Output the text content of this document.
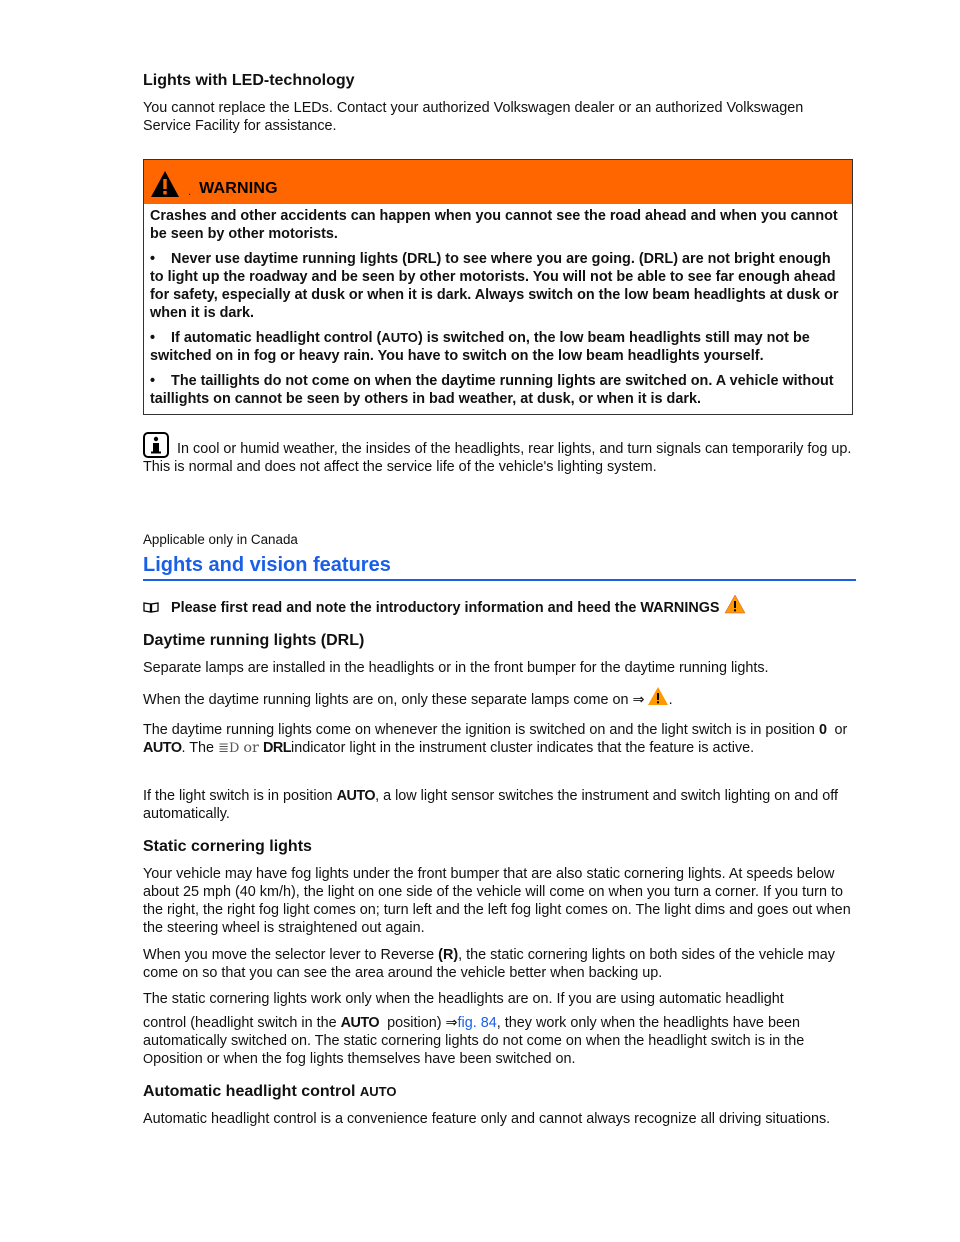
Lights with LED-technology

You cannot replace the LEDs. Contact your authorized Volkswagen dealer or an authorized Volkswagen Service Facility for assistance.

. WARNING

Crashes and other accidents can happen when you cannot see the road ahead and when you cannot be seen by other motorists.

• Never use daytime running lights (DRL) to see where you are going. (DRL) are not bright enough to light up the roadway and be seen by other motorists. You will not be able to see far enough ahead for safety, especially at dusk or when it is dark. Always switch on the low beam headlights at dusk or when it is dark.

• If automatic headlight control (AUTO) is switched on, the low beam headlights still may not be switched on in fog or heavy rain. You have to switch on the low beam headlights yourself.

• The taillights do not come on when the daytime running lights are switched on. A vehicle without taillights on cannot be seen by others in bad weather, at dusk, or when it is dark.

In cool or humid weather, the insides of the headlights, rear lights, and turn signals can temporarily fog up. This is normal and does not affect the service life of the vehicle's lighting system.

Applicable only in Canada

Lights and vision features

Please first read and note the introductory information and heed the WARNINGS

Daytime running lights (DRL)

Separate lamps are installed in the headlights or in the front bumper for the daytime running lights.

When the daytime running lights are on, only these separate lamps come on ⇒ .

The daytime running lights come on whenever the ignition is switched on and the light switch is in position 0 or AUTO. The ≣D or DRLindicator light in the instrument cluster indicates that the feature is active.

If the light switch is in position AUTO, a low light sensor switches the instrument and switch lighting on and off automatically.

Static cornering lights

Your vehicle may have fog lights under the front bumper that are also static cornering lights. At speeds below about 25 mph (40 km/h), the light on one side of the vehicle will come on when you turn a corner. If you turn to the right, the right fog light comes on; turn left and the left fog light comes on. The light dims and goes out when the steering wheel is straightened out again.

When you move the selector lever to Reverse (R), the static cornering lights on both sides of the vehicle may come on so that you can see the area around the vehicle better when backing up.

The static cornering lights work only when the headlights are on. If you are using automatic headlight

control (headlight switch in the AUTO position) ⇒fig. 84, they work only when the headlights have been automatically switched on. The static cornering lights do not come on when the headlight switch is in the Oposition or when the fog lights themselves have been switched on.

Automatic headlight control AUTO

Automatic headlight control is a convenience feature only and cannot always recognize all driving situations.
